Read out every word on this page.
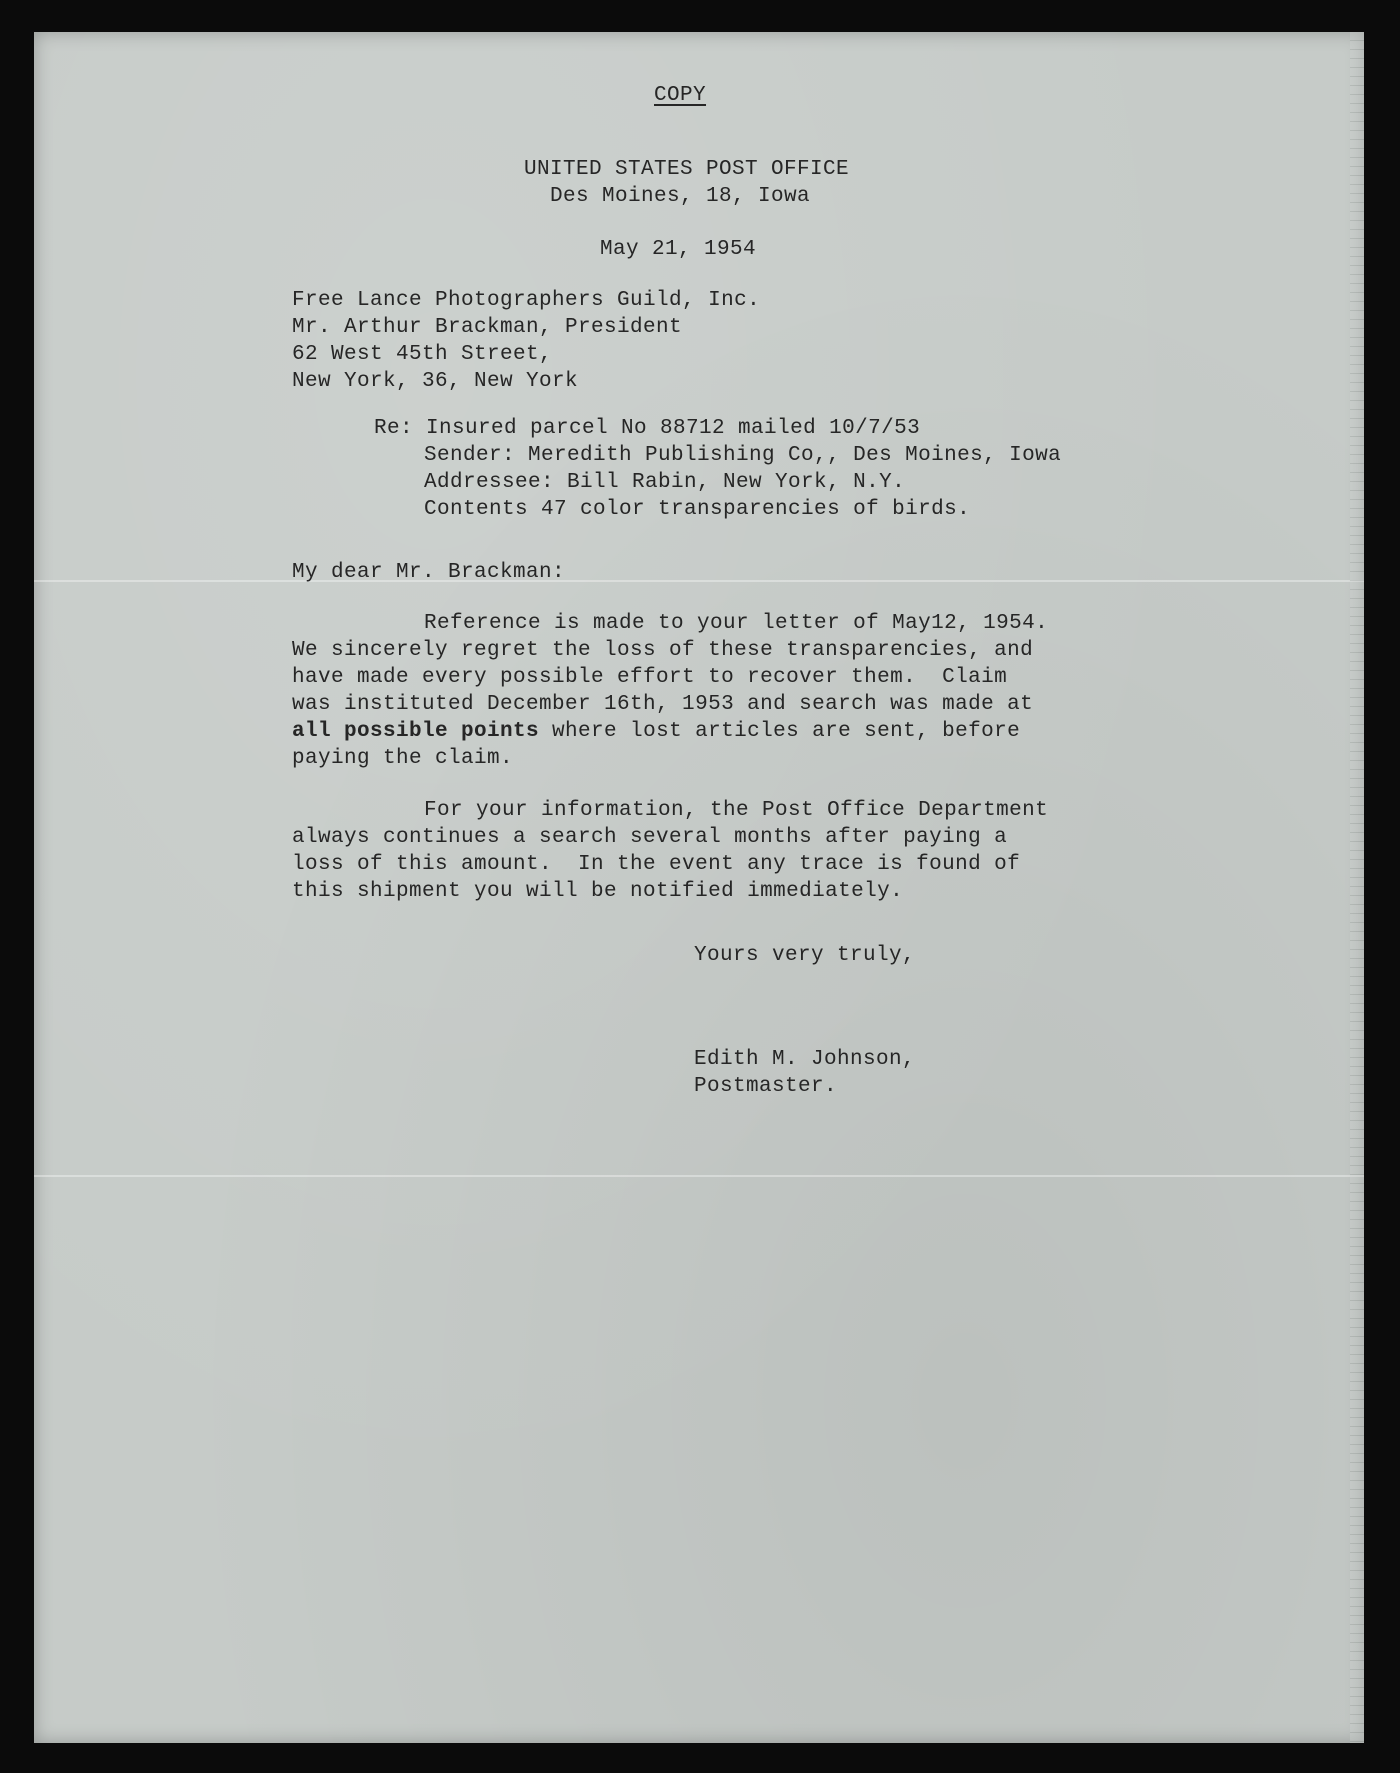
COPY

UNITED STATES POST OFFICE

Des Moines, 18, Iowa

May 21, 1954

Free Lance Photographers Guild, Inc.

Mr. Arthur Brackman, President

62 West 45th Street,

New York, 36, New York

Re: Insured parcel No 88712 mailed 10/7/53

Sender: Meredith Publishing Co,, Des Moines, Iowa

Addressee: Bill Rabin, New York, N.Y.

Contents 47 color transparencies of birds.

My dear Mr. Brackman:

Reference is made to your letter of May12, 1954.

We sincerely regret the loss of these transparencies, and

have made every possible effort to recover them.  Claim

was instituted December 16th, 1953 and search was made at

all possible points where lost articles are sent, before

paying the claim.

For your information, the Post Office Department

always continues a search several months after paying a

loss of this amount.  In the event any trace is found of

this shipment you will be notified immediately.

Yours very truly,

Edith M. Johnson,

Postmaster.
